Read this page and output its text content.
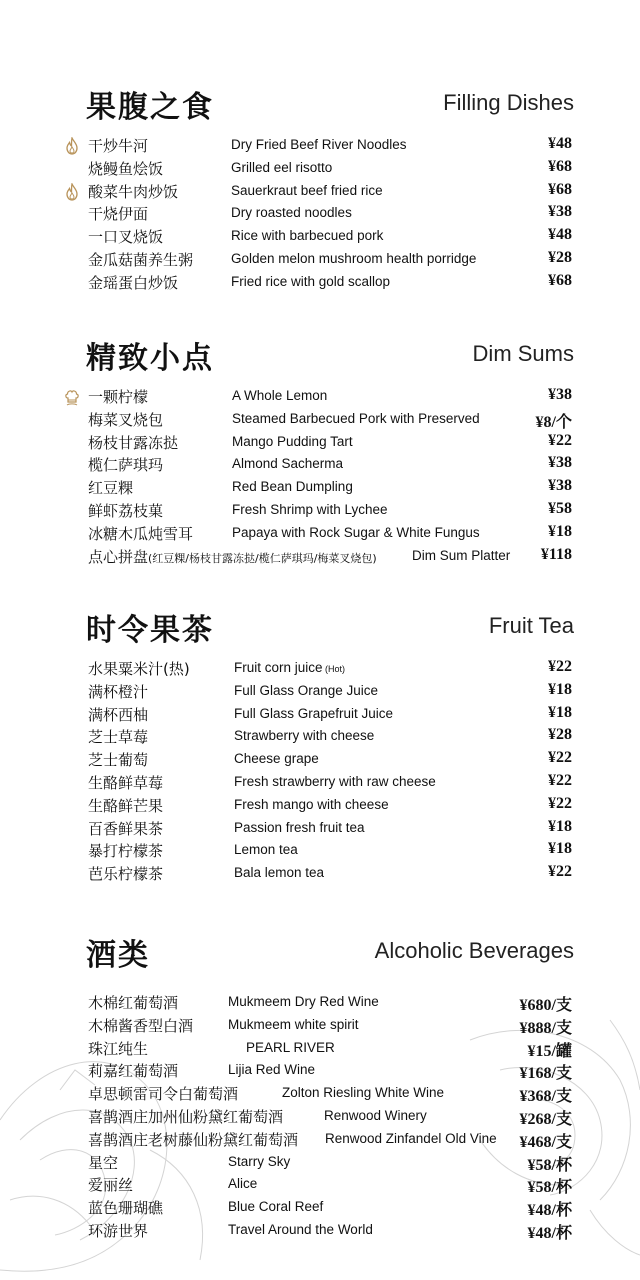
果腹之食	Filling Dishes
干炒牛河	Dry Fried Beef River Noodles	¥48
烧鳗鱼烩饭	Grilled eel risotto	¥68
酸菜牛肉炒饭	Sauerkraut beef fried rice	¥68
干烧伊面	Dry roasted noodles	¥38
一口叉烧饭	Rice with barbecued pork	¥48
金瓜菇菌养生粥	Golden melon mushroom health porridge	¥28
金瑶蛋白炒饭	Fried rice with gold scallop	¥68
精致小点	Dim Sums
一颗柠檬	A Whole Lemon	¥38
梅菜叉烧包	Steamed Barbecued Pork with Preserved	¥8/个
杨枝甘露冻挞	Mango Pudding Tart	¥22
榄仁萨琪玛	Almond Sacherma	¥38
红豆粿	Red Bean Dumpling	¥38
鲜虾荔枝菓	Fresh Shrimp with Lychee	¥58
冰糖木瓜炖雪耳	Papaya with Rock Sugar & White Fungus	¥18
点心拼盘(红豆粿/杨枝甘露冻挞/榄仁萨琪玛/梅菜叉烧包)	Dim Sum Platter ¥118
时令果茶	Fruit Tea
水果粟米汁(热)	Fruit corn juice (Hot)	¥22
满杯橙汁	Full Glass Orange Juice	¥18
满杯西柚	Full Glass Grapefruit Juice	¥18
芝士草莓	Strawberry with cheese	¥28
芝士葡萄	Cheese grape	¥22
生酪鲜草莓	Fresh strawberry with raw cheese	¥22
生酪鲜芒果	Fresh mango with cheese	¥22
百香鲜果茶	Passion fresh fruit tea	¥18
暴打柠檬茶	Lemon tea	¥18
芭乐柠檬茶	Bala lemon tea	¥22
酒类	Alcoholic Beverages
木棉红葡萄酒	Mukmeem Dry Red Wine	¥680/支
木棉酱香型白酒	Mukmeem white spirit	¥888/支
珠江纯生	PEARL RIVER	¥15/罐
莉嘉红葡萄酒	Lijia Red Wine	¥168/支
卓思顿雷司令白葡萄酒	Zolton Riesling White Wine	¥368/支
喜鹊酒庄加州仙粉黛红葡萄酒	Renwood Winery	¥268/支
喜鹊酒庄老树藤仙粉黛红葡萄酒 Renwood Zinfandel Old Vine ¥468/支
星空	Starry Sky	¥58/杯
爱丽丝	Alice	¥58/杯
蓝色珊瑚礁	Blue Coral Reef	¥48/杯
环游世界	Travel Around the World	¥48/杯
